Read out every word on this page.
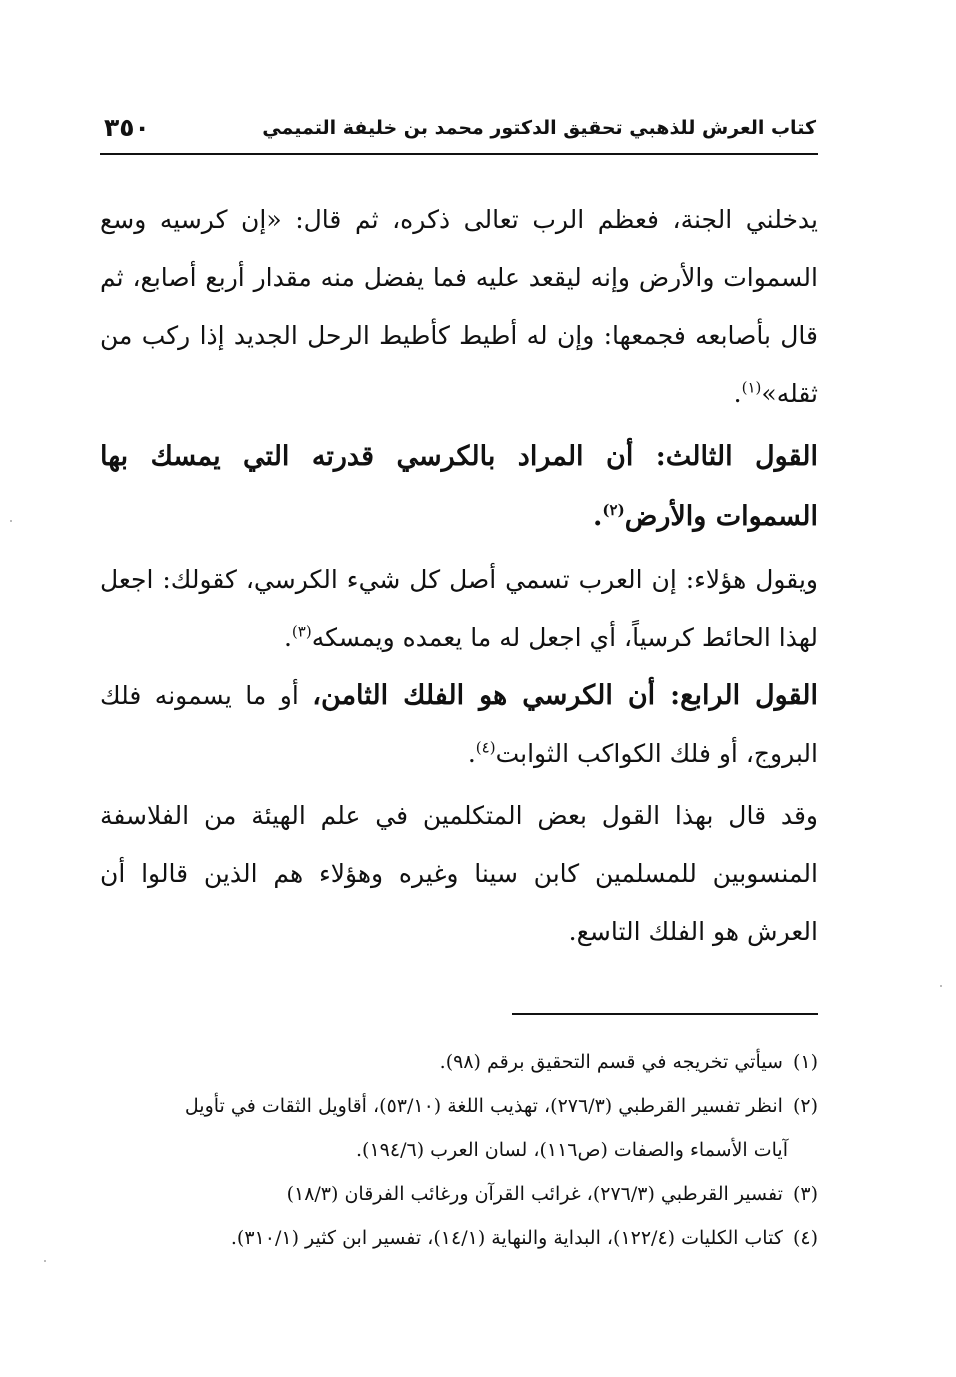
كتاب العرش للذهبي تحقيق الدكتور محمد بن خليفة التميمي
٣٥٠

يدخلني الجنة، فعظم الرب تعالى ذكره، ثم قال: «إن كرسيه وسع السموات والأرض وإنه ليقعد عليه فما يفضل منه مقدار أربع أصابع، ثم قال بأصابعه فجمعها: وإن له أطيط كأطيط الرحل الجديد إذا ركب من ثقله»$^{(١)}$.

القول الثالث: أن المراد بالكرسي قدرته التي يمسك بها السموات والأرض$^{(٢)}$.

ويقول هؤلاء: إن العرب تسمي أصل كل شيء الكرسي، كقولك: اجعل لهذا الحائط كرسياً، أي اجعل له ما يعمده ويمسكه$^{(٣)}$.

القول الرابع: أن الكرسي هو الفلك الثامن، أو ما يسمونه فلك البروج، أو فلك الكواكب الثوابت$^{(٤)}$.

وقد قال بهذا القول بعض المتكلمين في علم الهيئة من الفلاسفة المنسوبين للمسلمين كابن سينا وغيره وهؤلاء هم الذين قالوا أن العرش هو الفلك التاسع.

(١) سيأتي تخريجه في قسم التحقيق برقم (٩٨).

(٢) انظر تفسير القرطبي (٢٧٦/٣)، تهذيب اللغة (٥٣/١٠)، أقاويل الثقات في تأويل

آيات الأسماء والصفات (ص١١٦)، لسان العرب (١٩٤/٦).

(٣) تفسير القرطبي (٢٧٦/٣)، غرائب القرآن ورغائب الفرقان (١٨/٣)

(٤) كتاب الكليات (١٢٢/٤)، البداية والنهاية (١٤/١)، تفسير ابن كثير (٣١٠/١).
